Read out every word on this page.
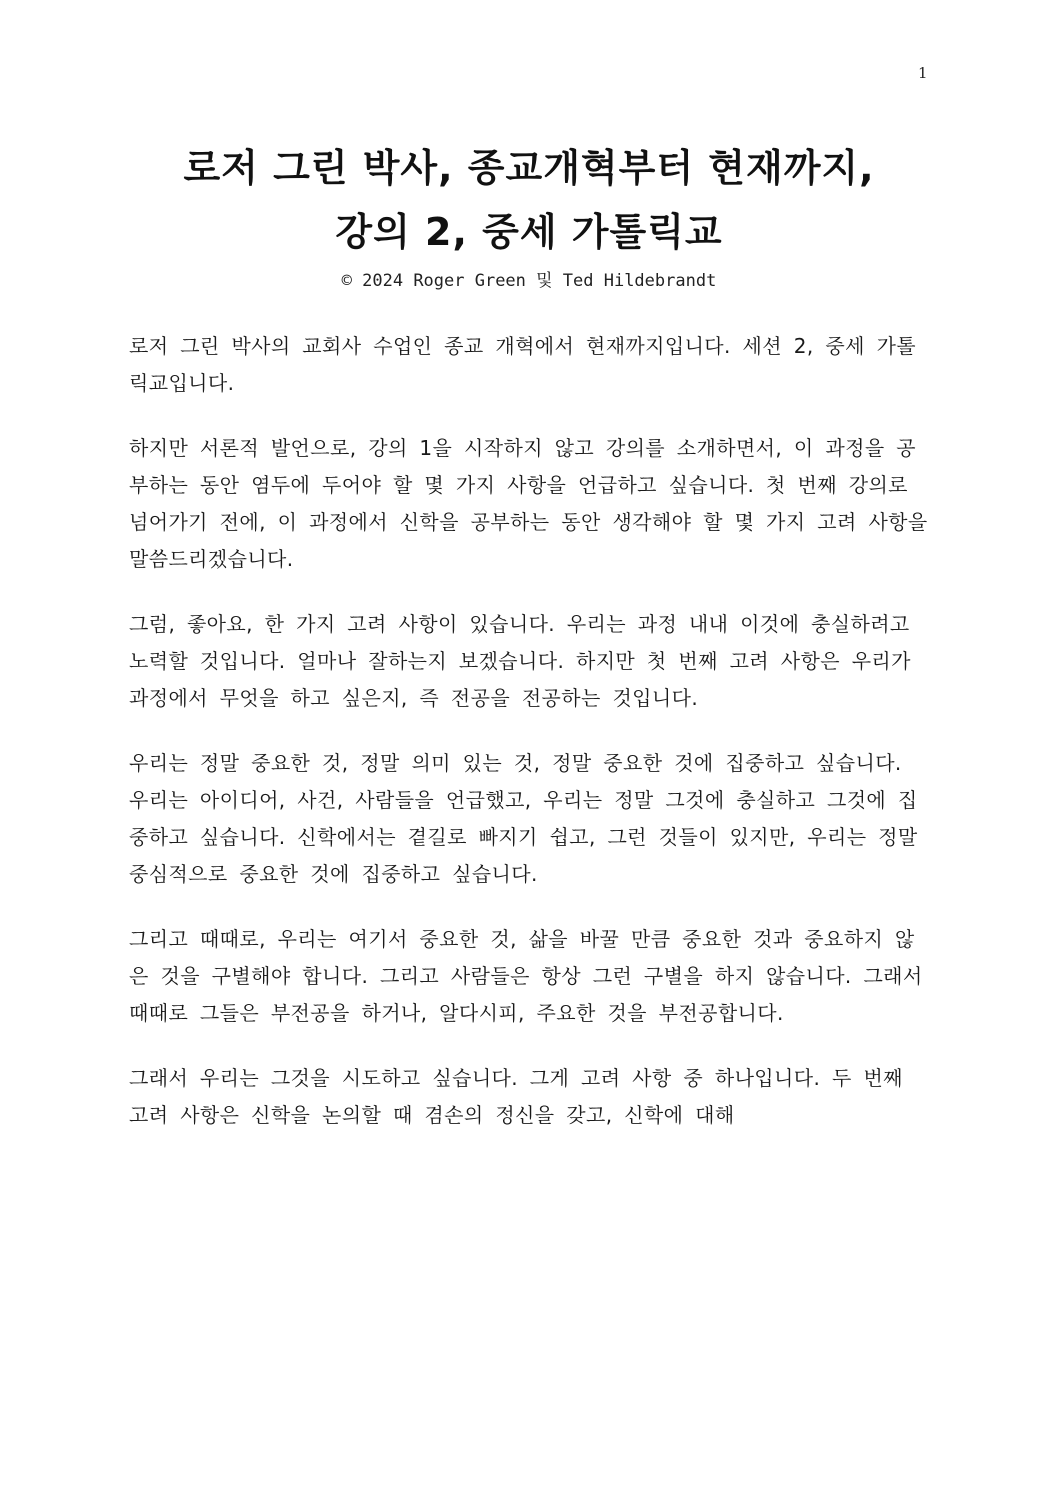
1
로저 그린 박사, 종교개혁부터 현재까지,
강의 2, 중세 가톨릭교
© 2024 Roger Green 및 Ted Hildebrandt

로저 그린 박사의 교회사 수업인 종교 개혁에서 현재까지입니다. 세션 2, 중세 가톨릭교입니다.

하지만 서론적 발언으로, 강의 1을 시작하지 않고 강의를 소개하면서, 이 과정을 공부하는 동안 염두에 두어야 할 몇 가지 사항을 언급하고 싶습니다. 첫 번째 강의로 넘어가기 전에, 이 과정에서 신학을 공부하는 동안 생각해야 할 몇 가지 고려 사항을 말씀드리겠습니다.

그럼, 좋아요, 한 가지 고려 사항이 있습니다. 우리는 과정 내내 이것에 충실하려고 노력할 것입니다. 얼마나 잘하는지 보겠습니다. 하지만 첫 번째 고려 사항은 우리가 과정에서 무엇을 하고 싶은지, 즉 전공을 전공하는 것입니다.

우리는 정말 중요한 것, 정말 의미 있는 것, 정말 중요한 것에 집중하고 싶습니다. 우리는 아이디어, 사건, 사람들을 언급했고, 우리는 정말 그것에 충실하고 그것에 집중하고 싶습니다. 신학에서는 곁길로 빠지기 쉽고, 그런 것들이 있지만, 우리는 정말 중심적으로 중요한 것에 집중하고 싶습니다.

그리고 때때로, 우리는 여기서 중요한 것, 삶을 바꿀 만큼 중요한 것과 중요하지 않은 것을 구별해야 합니다. 그리고 사람들은 항상 그런 구별을 하지 않습니다. 그래서 때때로 그들은 부전공을 하거나, 알다시피, 주요한 것을 부전공합니다.

그래서 우리는 그것을 시도하고 싶습니다. 그게 고려 사항 중 하나입니다. 두 번째 고려 사항은 신학을 논의할 때 겸손의 정신을 갖고, 신학에 대해
